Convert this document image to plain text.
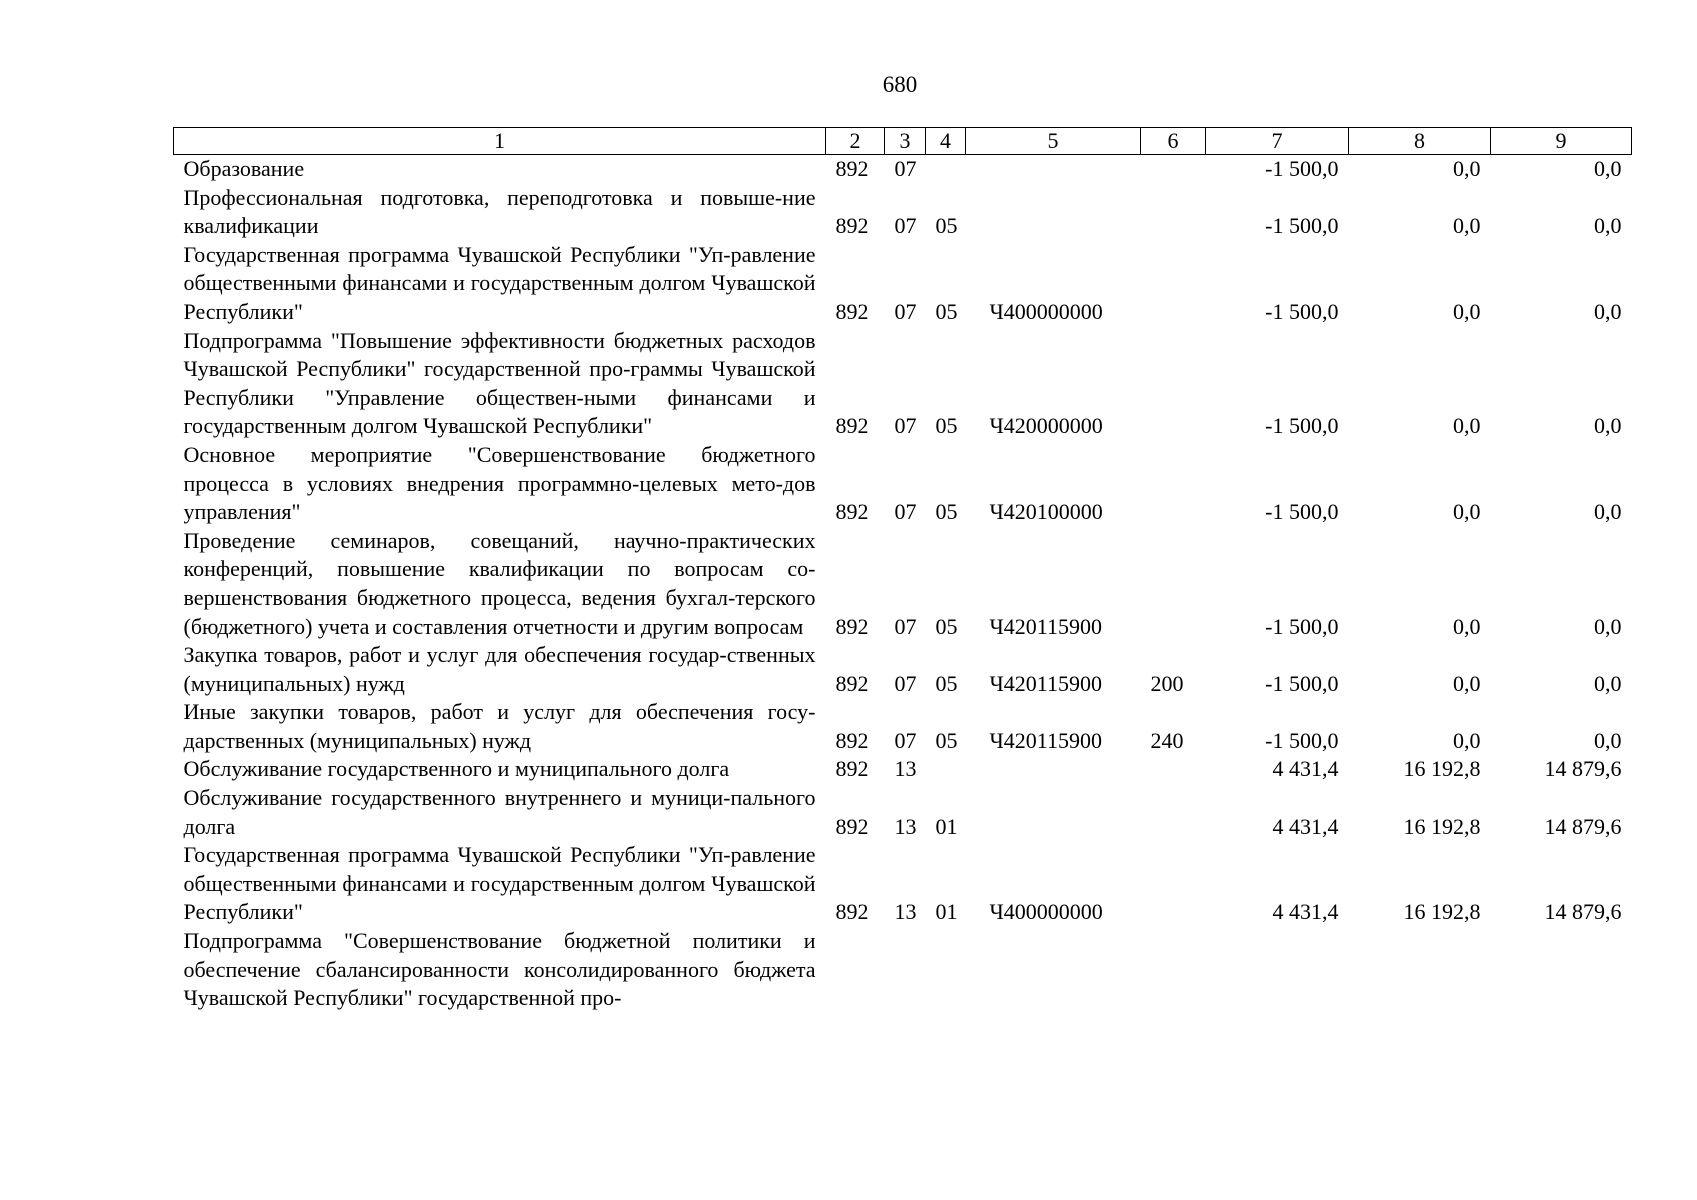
680
1	2	3	4	5	6	7	8	9
Образование	892	07				-1 500,0	0,0	0,0
Профессиональная подготовка, переподготовка и повыше-ние квалификации	892	07	05			-1 500,0	0,0	0,0
Государственная программа Чувашской Республики "Уп-равление общественными финансами и государственным долгом Чувашской Республики"	892	07	05	Ч400000000		-1 500,0	0,0	0,0
Подпрограмма "Повышение эффективности бюджетных расходов Чувашской Республики" государственной про-граммы Чувашской Республики "Управление обществен-ными финансами и государственным долгом Чувашской Республики"	892	07	05	Ч420000000		-1 500,0	0,0	0,0
Основное мероприятие "Совершенствование бюджетного процесса в условиях внедрения программно-целевых мето-дов управления"	892	07	05	Ч420100000		-1 500,0	0,0	0,0
Проведение семинаров, совещаний, научно-практических конференций, повышение квалификации по вопросам со-вершенствования бюджетного процесса, ведения бухгал-терского (бюджетного) учета и составления отчетности и другим вопросам	892	07	05	Ч420115900		-1 500,0	0,0	0,0
Закупка товаров, работ и услуг для обеспечения государ-ственных (муниципальных) нужд	892	07	05	Ч420115900	200	-1 500,0	0,0	0,0
Иные закупки товаров, работ и услуг для обеспечения госу-дарственных (муниципальных) нужд	892	07	05	Ч420115900	240	-1 500,0	0,0	0,0
Обслуживание государственного и муниципального долга	892	13				4 431,4	16 192,8	14 879,6
Обслуживание государственного внутреннего и муници-пального долга	892	13	01			4 431,4	16 192,8	14 879,6
Государственная программа Чувашской Республики "Уп-равление общественными финансами и государственным долгом Чувашской Республики"	892	13	01	Ч400000000		4 431,4	16 192,8	14 879,6
Подпрограмма "Совершенствование бюджетной политики и обеспечение сбалансированности консолидированного бюджета Чувашской Республики" государственной про-								
